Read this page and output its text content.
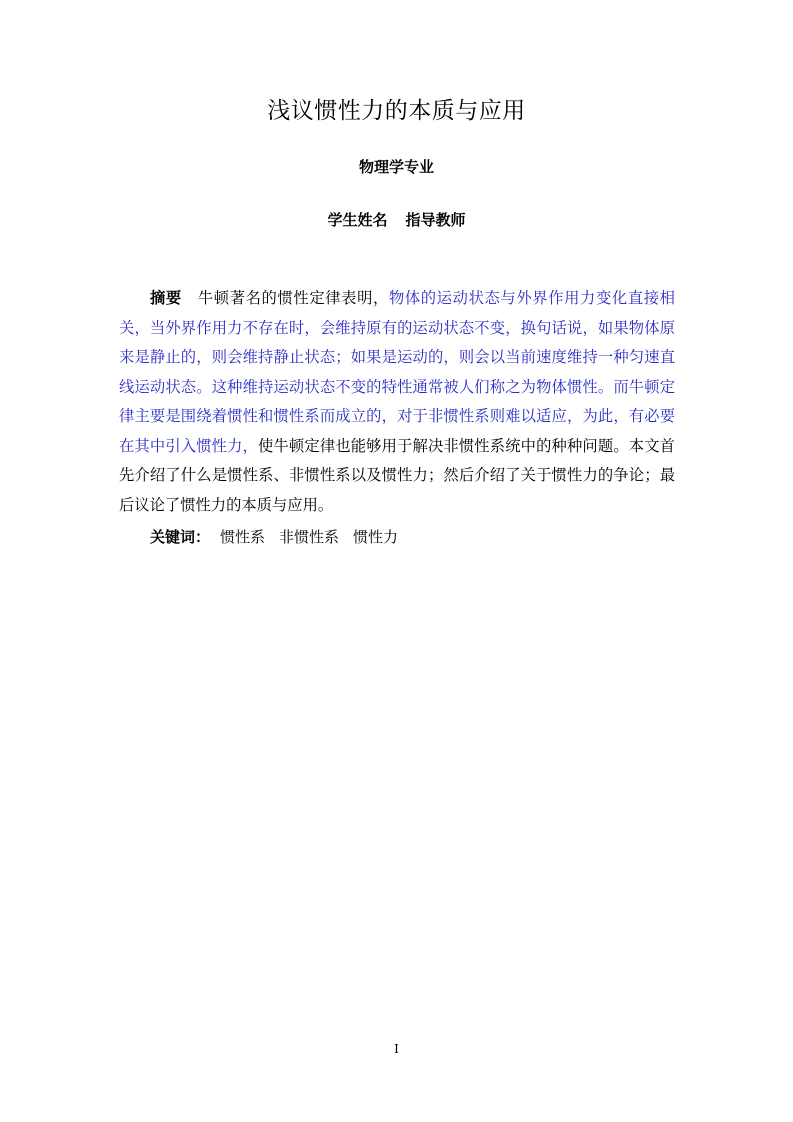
浅议惯性力的本质与应用
物理学专业
学生姓名 指导教师

摘要 牛顿著名的惯性定律表明，物体的运动状态与外界作用力变化直接相关，当外界作用力不存在时，会维持原有的运动状态不变，换句话说，如果物体原来是静止的，则会维持静止状态；如果是运动的，则会以当前速度维持一种匀速直线运动状态。这种维持运动状态不变的特性通常被人们称之为物体惯性。而牛顿定律主要是围绕着惯性和惯性系而成立的，对于非惯性系则难以适应，为此，有必要在其中引入惯性力，使牛顿定律也能够用于解决非惯性系统中的种种问题。本文首先介绍了什么是惯性系、非惯性系以及惯性力；然后介绍了关于惯性力的争论；最后议论了惯性力的本质与应用。

关键词： 惯性系 非惯性系 惯性力
I
